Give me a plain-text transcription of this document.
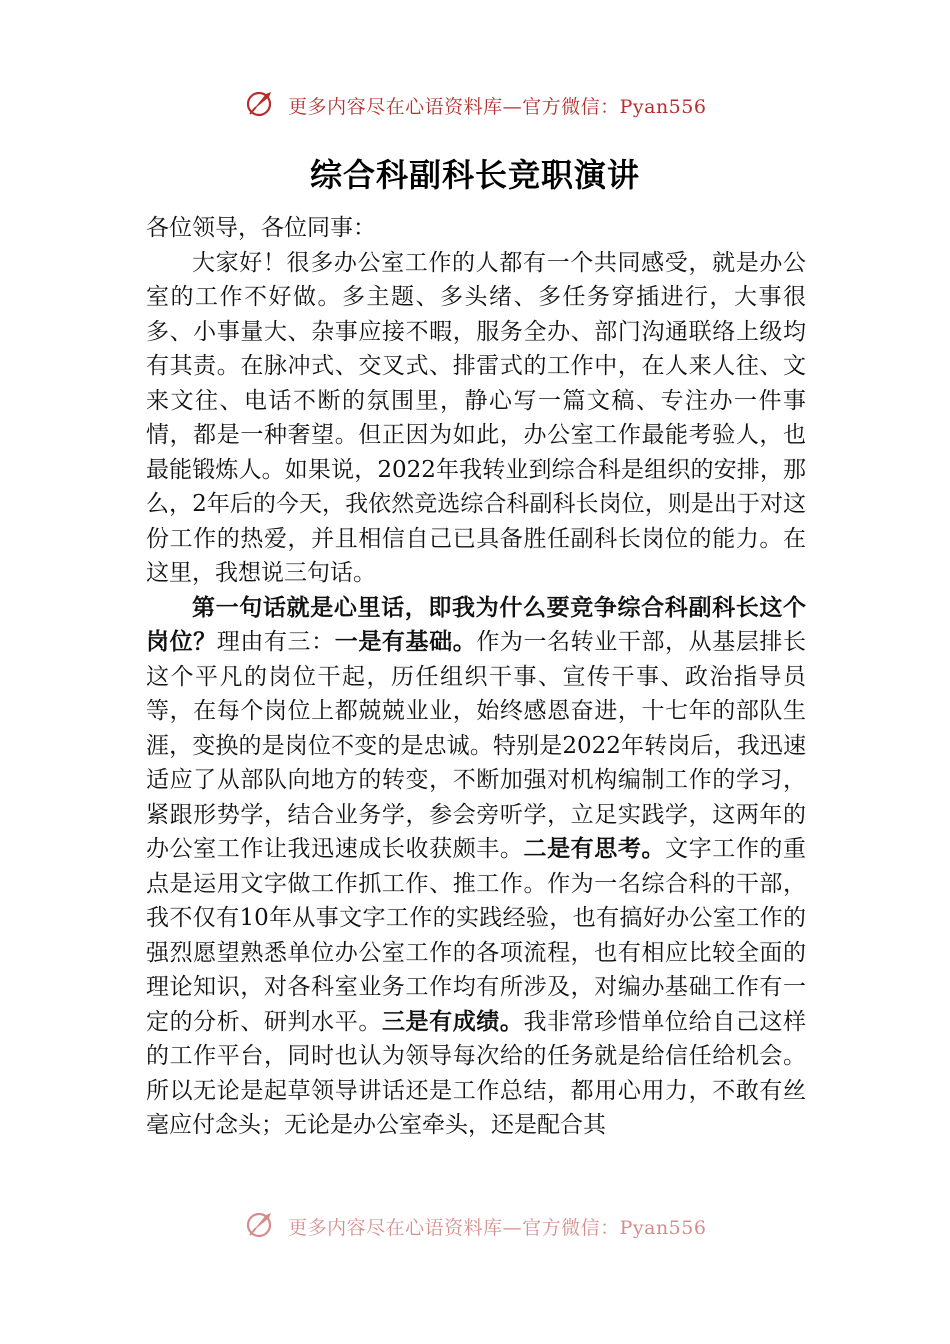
更多内容尽在心语资料库—官方微信：Pyan556
综合科副科长竞职演讲

各位领导，各位同事：

大家好！很多办公室工作的人都有一个共同感受，就是办公室的工作不好做。多主题、多头绪、多任务穿插进行，大事很多、小事量大、杂事应接不暇，服务全办、部门沟通联络上级均有其责。在脉冲式、交叉式、排雷式的工作中，在人来人往、文来文往、电话不断的氛围里，静心写一篇文稿、专注办一件事情，都是一种奢望。但正因为如此，办公室工作最能考验人，也最能锻炼人。如果说，2022年我转业到综合科是组织的安排，那么，2年后的今天，我依然竞选综合科副科长岗位，则是出于对这份工作的热爱，并且相信自己已具备胜任副科长岗位的能力。在这里，我想说三句话。

第一句话就是心里话，即我为什么要竞争综合科副科长这个岗位？理由有三：一是有基础。作为一名转业干部，从基层排长这个平凡的岗位干起，历任组织干事、宣传干事、政治指导员等，在每个岗位上都兢兢业业，始终感恩奋进，十七年的部队生涯，变换的是岗位不变的是忠诚。特别是2022年转岗后，我迅速适应了从部队向地方的转变，不断加强对机构编制工作的学习，紧跟形势学，结合业务学，参会旁听学，立足实践学，这两年的办公室工作让我迅速成长收获颇丰。二是有思考。文字工作的重点是运用文字做工作抓工作、推工作。作为一名综合科的干部，我不仅有10年从事文字工作的实践经验，也有搞好办公室工作的强烈愿望熟悉单位办公室工作的各项流程，也有相应比较全面的理论知识，对各科室业务工作均有所涉及，对编办基础工作有一定的分析、研判水平。三是有成绩。我非常珍惜单位给自己这样的工作平台，同时也认为领导每次给的任务就是给信任给机会。所以无论是起草领导讲话还是工作总结，都用心用力，不敢有丝毫应付念头；无论是办公室牵头，还是配合其

更多内容尽在心语资料库—官方微信：Pyan556
